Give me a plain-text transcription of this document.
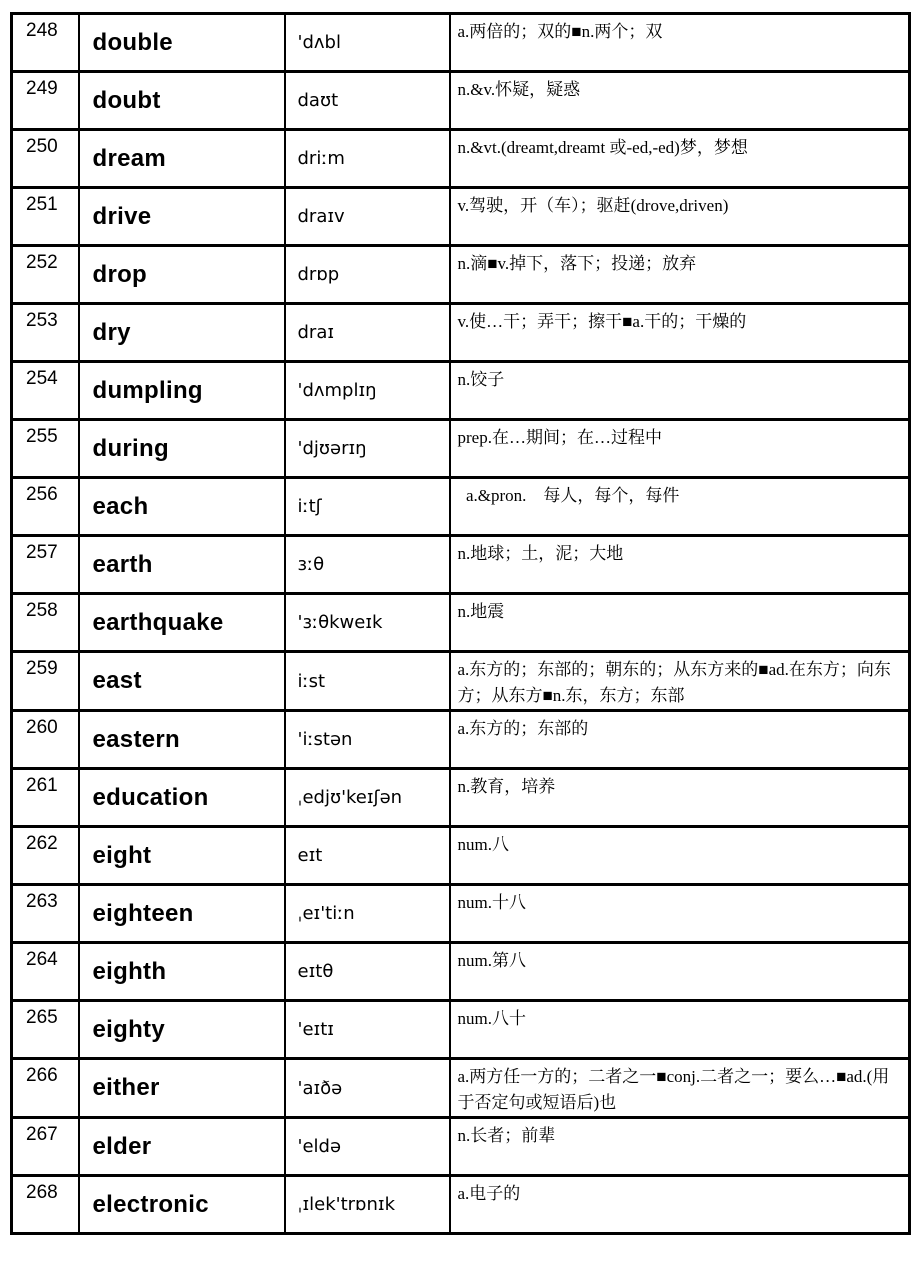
248	double	'dʌbl	a.两倍的；双的■n.两个；双
249	doubt	daʊt	n.&v.怀疑，疑惑
250	dream	driːm	n.&vt.(dreamt,dreamt 或-ed,-ed)梦，梦想
251	drive	draɪv	v.驾驶，开（车）；驱赶(drove,driven)
252	drop	drɒp	n.滴■v.掉下，落下；投递；放弃
253	dry	draɪ	v.使…干；弄干；擦干■a.干的；干燥的
254	dumpling	'dʌmplɪŋ	n.饺子
255	during	'djʊərɪŋ	prep.在…期间；在…过程中
256	each	iːtʃ	a.&pron.　每人，每个，每件
257	earth	ɜːθ	n.地球；土，泥；大地
258	earthquake	'ɜːθkweɪk	n.地震
259	east	iːst	a.东方的；东部的；朝东的；从东方来的■ad.在东方；向东方；从东方■n.东，东方；东部
260	eastern	'iːstən	a.东方的；东部的
261	education	ˌedjʊ'keɪʃən	n.教育，培养
262	eight	eɪt	num.八
263	eighteen	ˌeɪ'tiːn	num.十八
264	eighth	eɪtθ	num.第八
265	eighty	'eɪtɪ	num.八十
266	either	'aɪðə	a.两方任一方的；二者之一■conj.二者之一；要么…■ad.(用于否定句或短语后)也
267	elder	'eldə	n.长者；前辈
268	electronic	ˌɪlek'trɒnɪk	a.电子的
